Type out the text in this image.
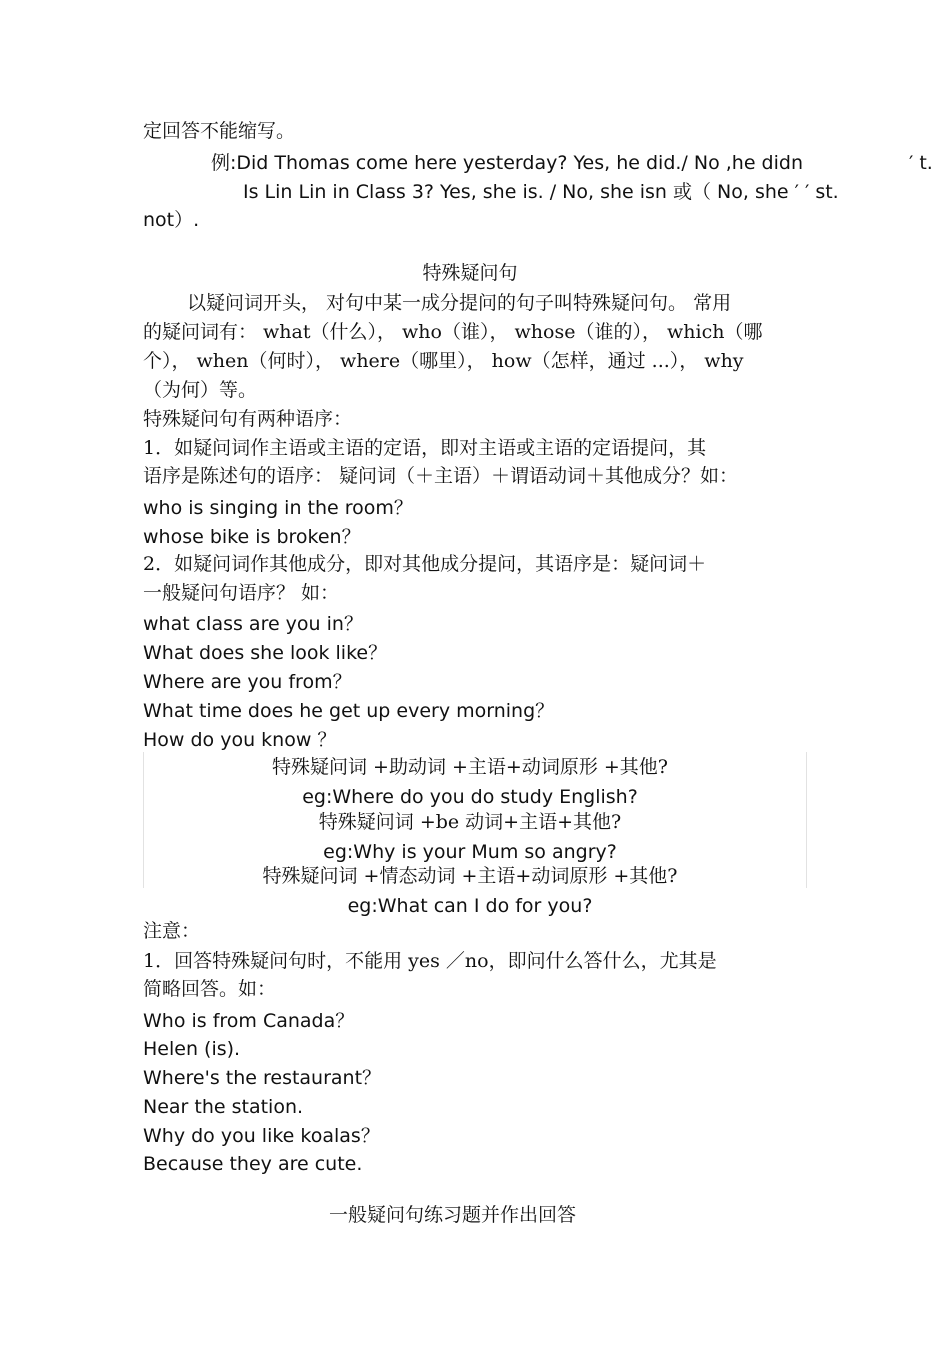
定回答不能缩写。
例:Did Thomas come here yesterday? Yes, he did./ No ,he didn	′ t.
Is Lin Lin in Class 3? Yes, she is. / No, she isn 或（ No, she ′ ′ st.
not）.
特殊疑问句
以疑问词开头， 对句中某一成分提问的句子叫特殊疑问句。 常用
的疑问词有： what（什么）， who（谁）， whose（谁的）， which（哪
个）， when（何时）， where（哪里）， how（怎样，通过 ...）， why
（为何）等。
特殊疑问句有两种语序：
1．如疑问词作主语或主语的定语，即对主语或主语的定语提问，其
语序是陈述句的语序： 疑问词（＋主语）＋谓语动词＋其他成分？如：
who is singing in the room？
whose bike is broken？
2．如疑问词作其他成分，即对其他成分提问，其语序是：疑问词＋
一般疑问句语序？ 如：
what class are you in？
What does she look like？
Where are you from？
What time does he get up every morning？
How do you know ？
特殊疑问词 +助动词 +主语+动词原形 +其他?
eg:Where do you do study English?
特殊疑问词 +be 动词+主语+其他?
eg:Why is your Mum so angry?
特殊疑问词 +情态动词 +主语+动词原形 +其他?
eg:What can I do for you?
注意：
1．回答特殊疑问句时，不能用 yes ／no，即问什么答什么，尤其是
简略回答。如：
Who is from Canada？
Helen (is).
Where's the restaurant？
Near the station.
Why do you like koalas？
Because they are cute.
一般疑问句练习题并作出回答
